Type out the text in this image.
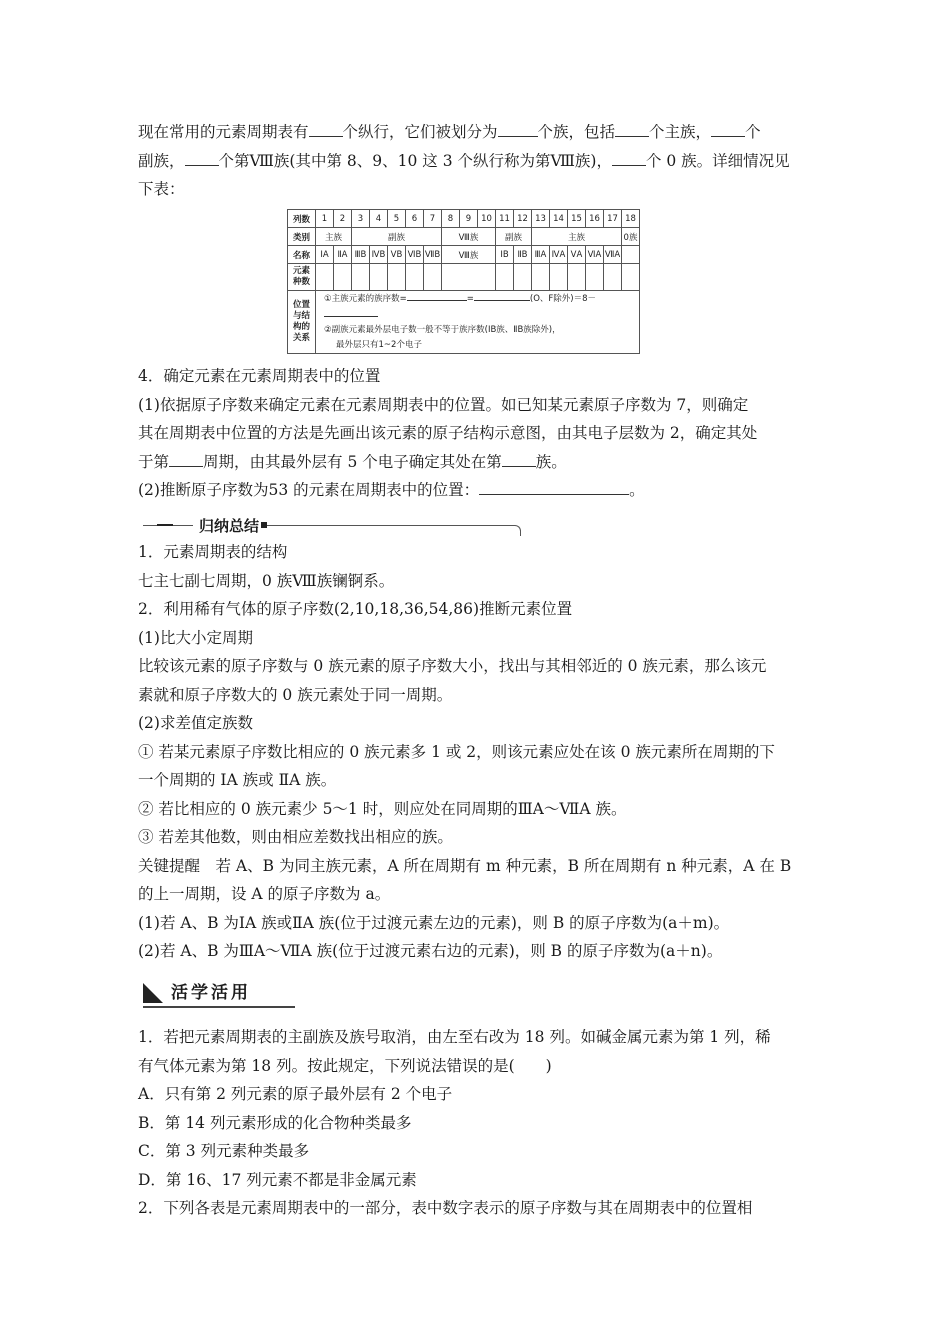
现在常用的元素周期表有 个纵行，它们被划分为	个族，包括 个主族， 个
副族， 个第Ⅷ族(其中第 8、9、10 这 3 个纵行称为第Ⅷ族)， 个 0 族。详细情况见
下表：

列数	1	2	3	4	5	6	7	8	9	10	11	12	13	14	15	16	17	18
类别	主族		副族					Ⅷ族			副族		主族					0族
名称	ⅠA	ⅡA	ⅢB	ⅣB	ⅤB	ⅥB	ⅦB	Ⅷ族			ⅠB	ⅡB	ⅢA	ⅣA	ⅤA	ⅥA	ⅦA	
元素
种数																		
位置
与结
构的
关系	①主族元素的族序数= = (O、F除外)＝8－
②副族元素最外层电子数一般不等于族序数(ⅠB族、ⅡB族除外)，
最外层只有1~2个电子																	

4．确定元素在元素周期表中的位置
(1)依据原子序数来确定元素在元素周期表中的位置。如已知某元素原子序数为 7，则确定
其在周期表中位置的方法是先画出该元素的原子结构示意图，由其电子层数为 2，确定其处
于第 周期，由其最外层有 5 个电子确定其处在第 族。
(2)推断原子序数为53 的元素在周期表中的位置：	。

归纳总结

1．元素周期表的结构
七主七副七周期，0 族Ⅷ族镧锕系。
2．利用稀有气体的原子序数(2,10,18,36,54,86)推断元素位置
(1)比大小定周期
比较该元素的原子序数与 0 族元素的原子序数大小，找出与其相邻近的 0 族元素，那么该元
素就和原子序数大的 0 族元素处于同一周期。
(2)求差值定族数
① 若某元素原子序数比相应的 0 族元素多 1 或 2，则该元素应处在该 0 族元素所在周期的下
一个周期的 ⅠA 族或 ⅡA 族。
② 若比相应的 0 族元素少 5～1 时，则应处在同周期的ⅢA～ⅦA 族。
③ 若差其他数，则由相应差数找出相应的族。
关键提醒　若 A、B 为同主族元素，A 所在周期有 m 种元素，B 所在周期有 n 种元素，A 在 B
的上一周期，设 A 的原子序数为 a。
(1)若 A、B 为ⅠA 族或ⅡA 族(位于过渡元素左边的元素)，则 B 的原子序数为(a＋m)。
(2)若 A、B 为ⅢA～ⅦA 族(位于过渡元素右边的元素)，则 B 的原子序数为(a＋n)。

活学活用

1．若把元素周期表的主副族及族号取消，由左至右改为 18 列。如碱金属元素为第 1 列，稀
有气体元素为第 18 列。按此规定，下列说法错误的是(　　)
A．只有第 2 列元素的原子最外层有 2 个电子
B．第 14 列元素形成的化合物种类最多
C．第 3 列元素种类最多
D．第 16、17 列元素不都是非金属元素
2．下列各表是元素周期表中的一部分，表中数字表示的原子序数与其在周期表中的位置相
